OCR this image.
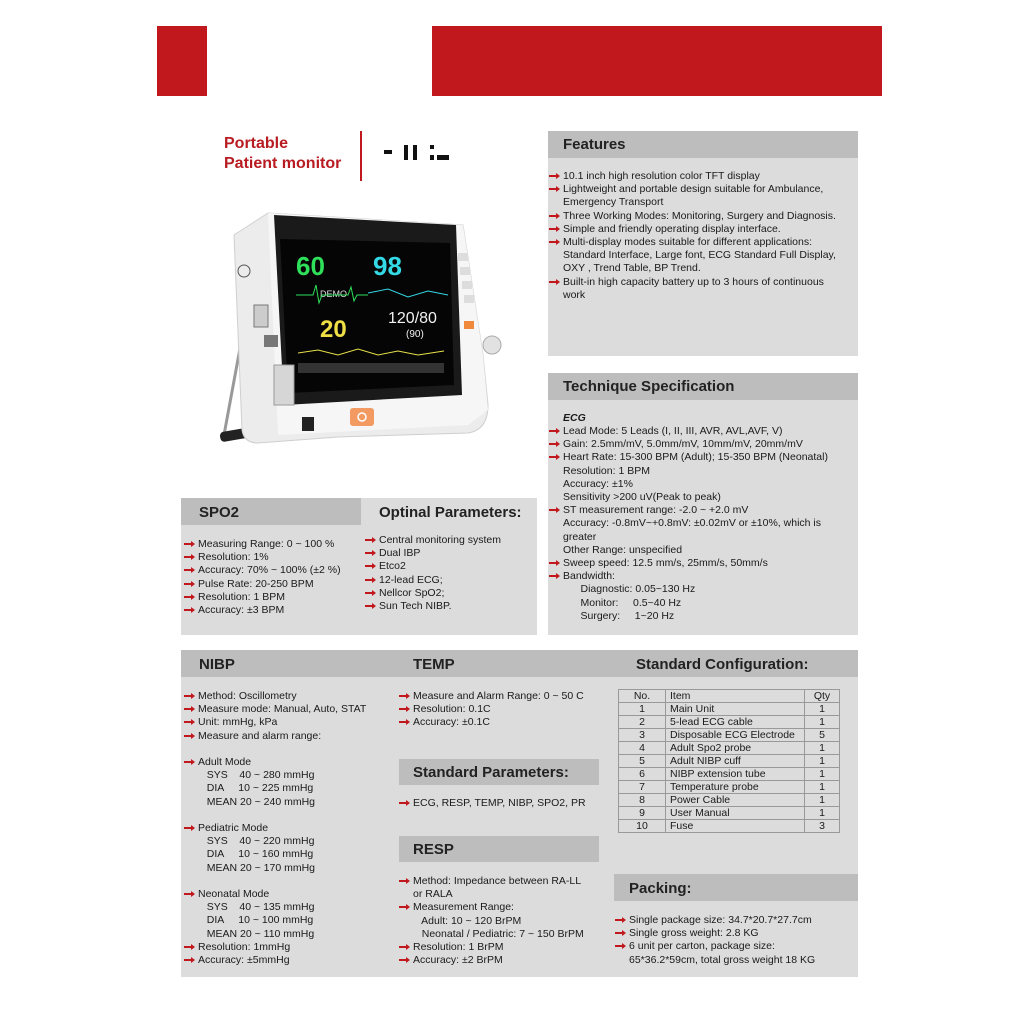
Portable
Patient monitor
60 98
DEMO
20	120/80
(90)
Features
10.1 inch high resolution color TFT display
Lightweight and portable design suitable for Ambulance,
Emergency Transport
Three Working Modes: Monitoring, Surgery and Diagnosis.
Simple and friendly operating display interface.
Multi-display modes suitable for different applications:
Standard Interface, Large font, ECG Standard Full Display,
OXY , Trend Table, BP Trend.
Built-in high capacity battery up to 3 hours of continuous
work
Technique Specification
ECG
Lead Mode: 5 Leads (I, II, III, AVR, AVL,AVF, V)
Gain: 2.5mm/mV, 5.0mm/mV, 10mm/mV, 20mm/mV
Heart Rate: 15-300 BPM (Adult); 15-350 BPM (Neonatal)
Resolution: 1 BPM
Accuracy: ±1%
Sensitivity >200 uV(Peak to peak)
ST measurement range: -2.0 ~ +2.0 mV
Accuracy: -0.8mV~+0.8mV: ±0.02mV or ±10%, which is
greater
Other Range: unspecified
Sweep speed: 12.5 mm/s, 25mm/s, 50mm/s
Bandwidth:
Diagnostic: 0.05~130 Hz
Monitor:     0.5~40 Hz
Surgery:     1~20 Hz
SPO2	Optinal Parameters:
Measuring Range: 0 ~ 100 %
Resolution: 1%
Accuracy: 70% ~ 100% (±2 %)
Pulse Rate: 20-250 BPM
Resolution: 1 BPM
Accuracy: ±3 BPM
Central monitoring system
Dual IBP
Etco2
12-lead ECG;
Nellcor SpO2;
Sun Tech NIBP.
NIBP	TEMP	Standard Configuration:
Method: Oscillometry
Measure mode: Manual, Auto, STAT
Unit: mmHg, kPa
Measure and alarm range:

Adult Mode
SYS    40 ~ 280 mmHg
DIA     10 ~ 225 mmHg
MEAN 20 ~ 240 mmHg

Pediatric Mode
SYS    40 ~ 220 mmHg
DIA     10 ~ 160 mmHg
MEAN 20 ~ 170 mmHg

Neonatal Mode
SYS    40 ~ 135 mmHg
DIA     10 ~ 100 mmHg
MEAN 20 ~ 110 mmHg
Resolution: 1mmHg
Accuracy: ±5mmHg
Measure and Alarm Range: 0 ~ 50 C
Resolution: 0.1C
Accuracy: ±0.1C
Standard Parameters:
ECG, RESP, TEMP, NIBP, SPO2, PR
RESP
Method: Impedance between RA-LL
or RALA
Measurement Range:
Adult: 10 ~ 120 BrPM
Neonatal / Pediatric: 7 ~ 150 BrPM
Resolution: 1 BrPM
Accuracy: ±2 BrPM
No.	Item	Qty
1	Main Unit	1
2	5-lead ECG cable	1
3	Disposable ECG Electrode	5
4	Adult Spo2 probe	1
5	Adult NIBP cuff	1
6	NIBP extension tube	1
7	Temperature probe	1
8	Power Cable	1
9	User Manual	1
10	Fuse	3
Packing:
Single package size: 34.7*20.7*27.7cm
Single gross weight: 2.8 KG
6 unit per carton, package size:
65*36.2*59cm, total gross weight 18 KG
